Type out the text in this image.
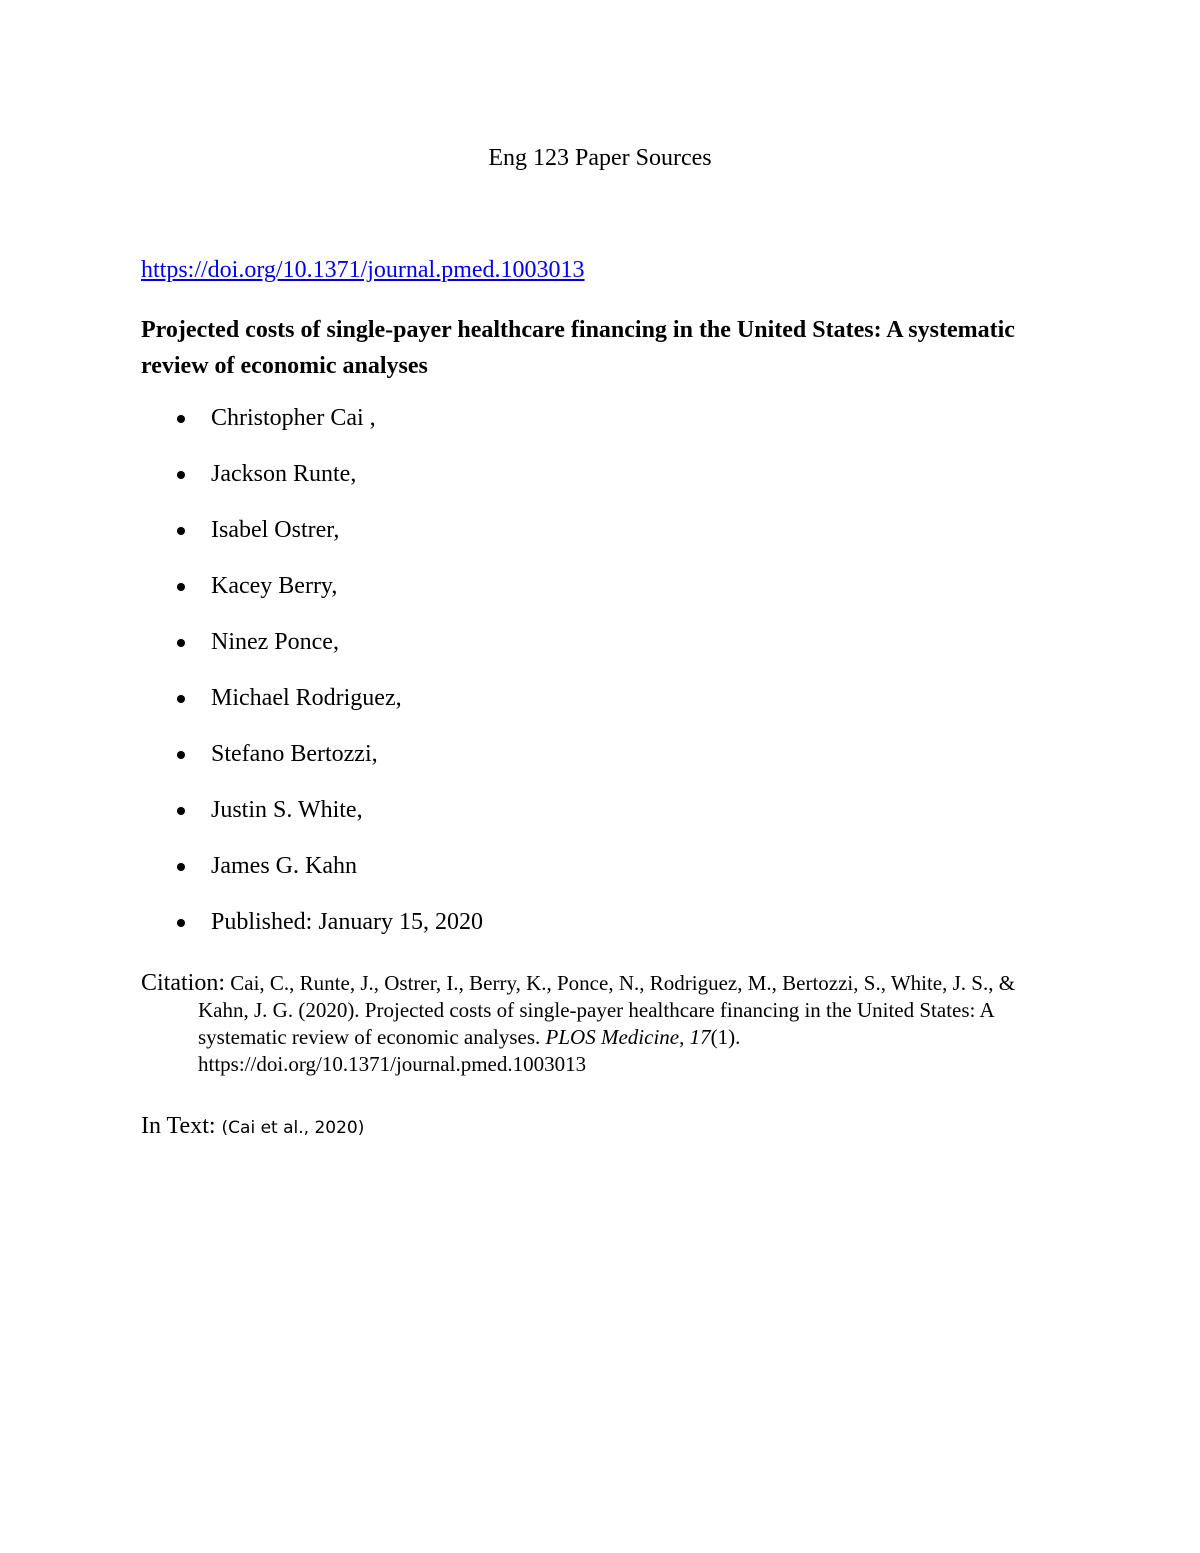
Eng 123 Paper Sources
https://doi.org/10.1371/journal.pmed.1003013
Projected costs of single-payer healthcare financing in the United States: A systematic review of economic analyses
Christopher Cai ,
Jackson Runte,
Isabel Ostrer,
Kacey Berry,
Ninez Ponce,
Michael Rodriguez,
Stefano Bertozzi,
Justin S. White,
James G. Kahn
Published: January 15, 2020
Citation: Cai, C., Runte, J., Ostrer, I., Berry, K., Ponce, N., Rodriguez, M., Bertozzi, S., White, J. S., & Kahn, J. G. (2020). Projected costs of single-payer healthcare financing in the United States: A systematic review of economic analyses. PLOS Medicine, 17(1). https://doi.org/10.1371/journal.pmed.1003013
In Text: (Cai et al., 2020)
